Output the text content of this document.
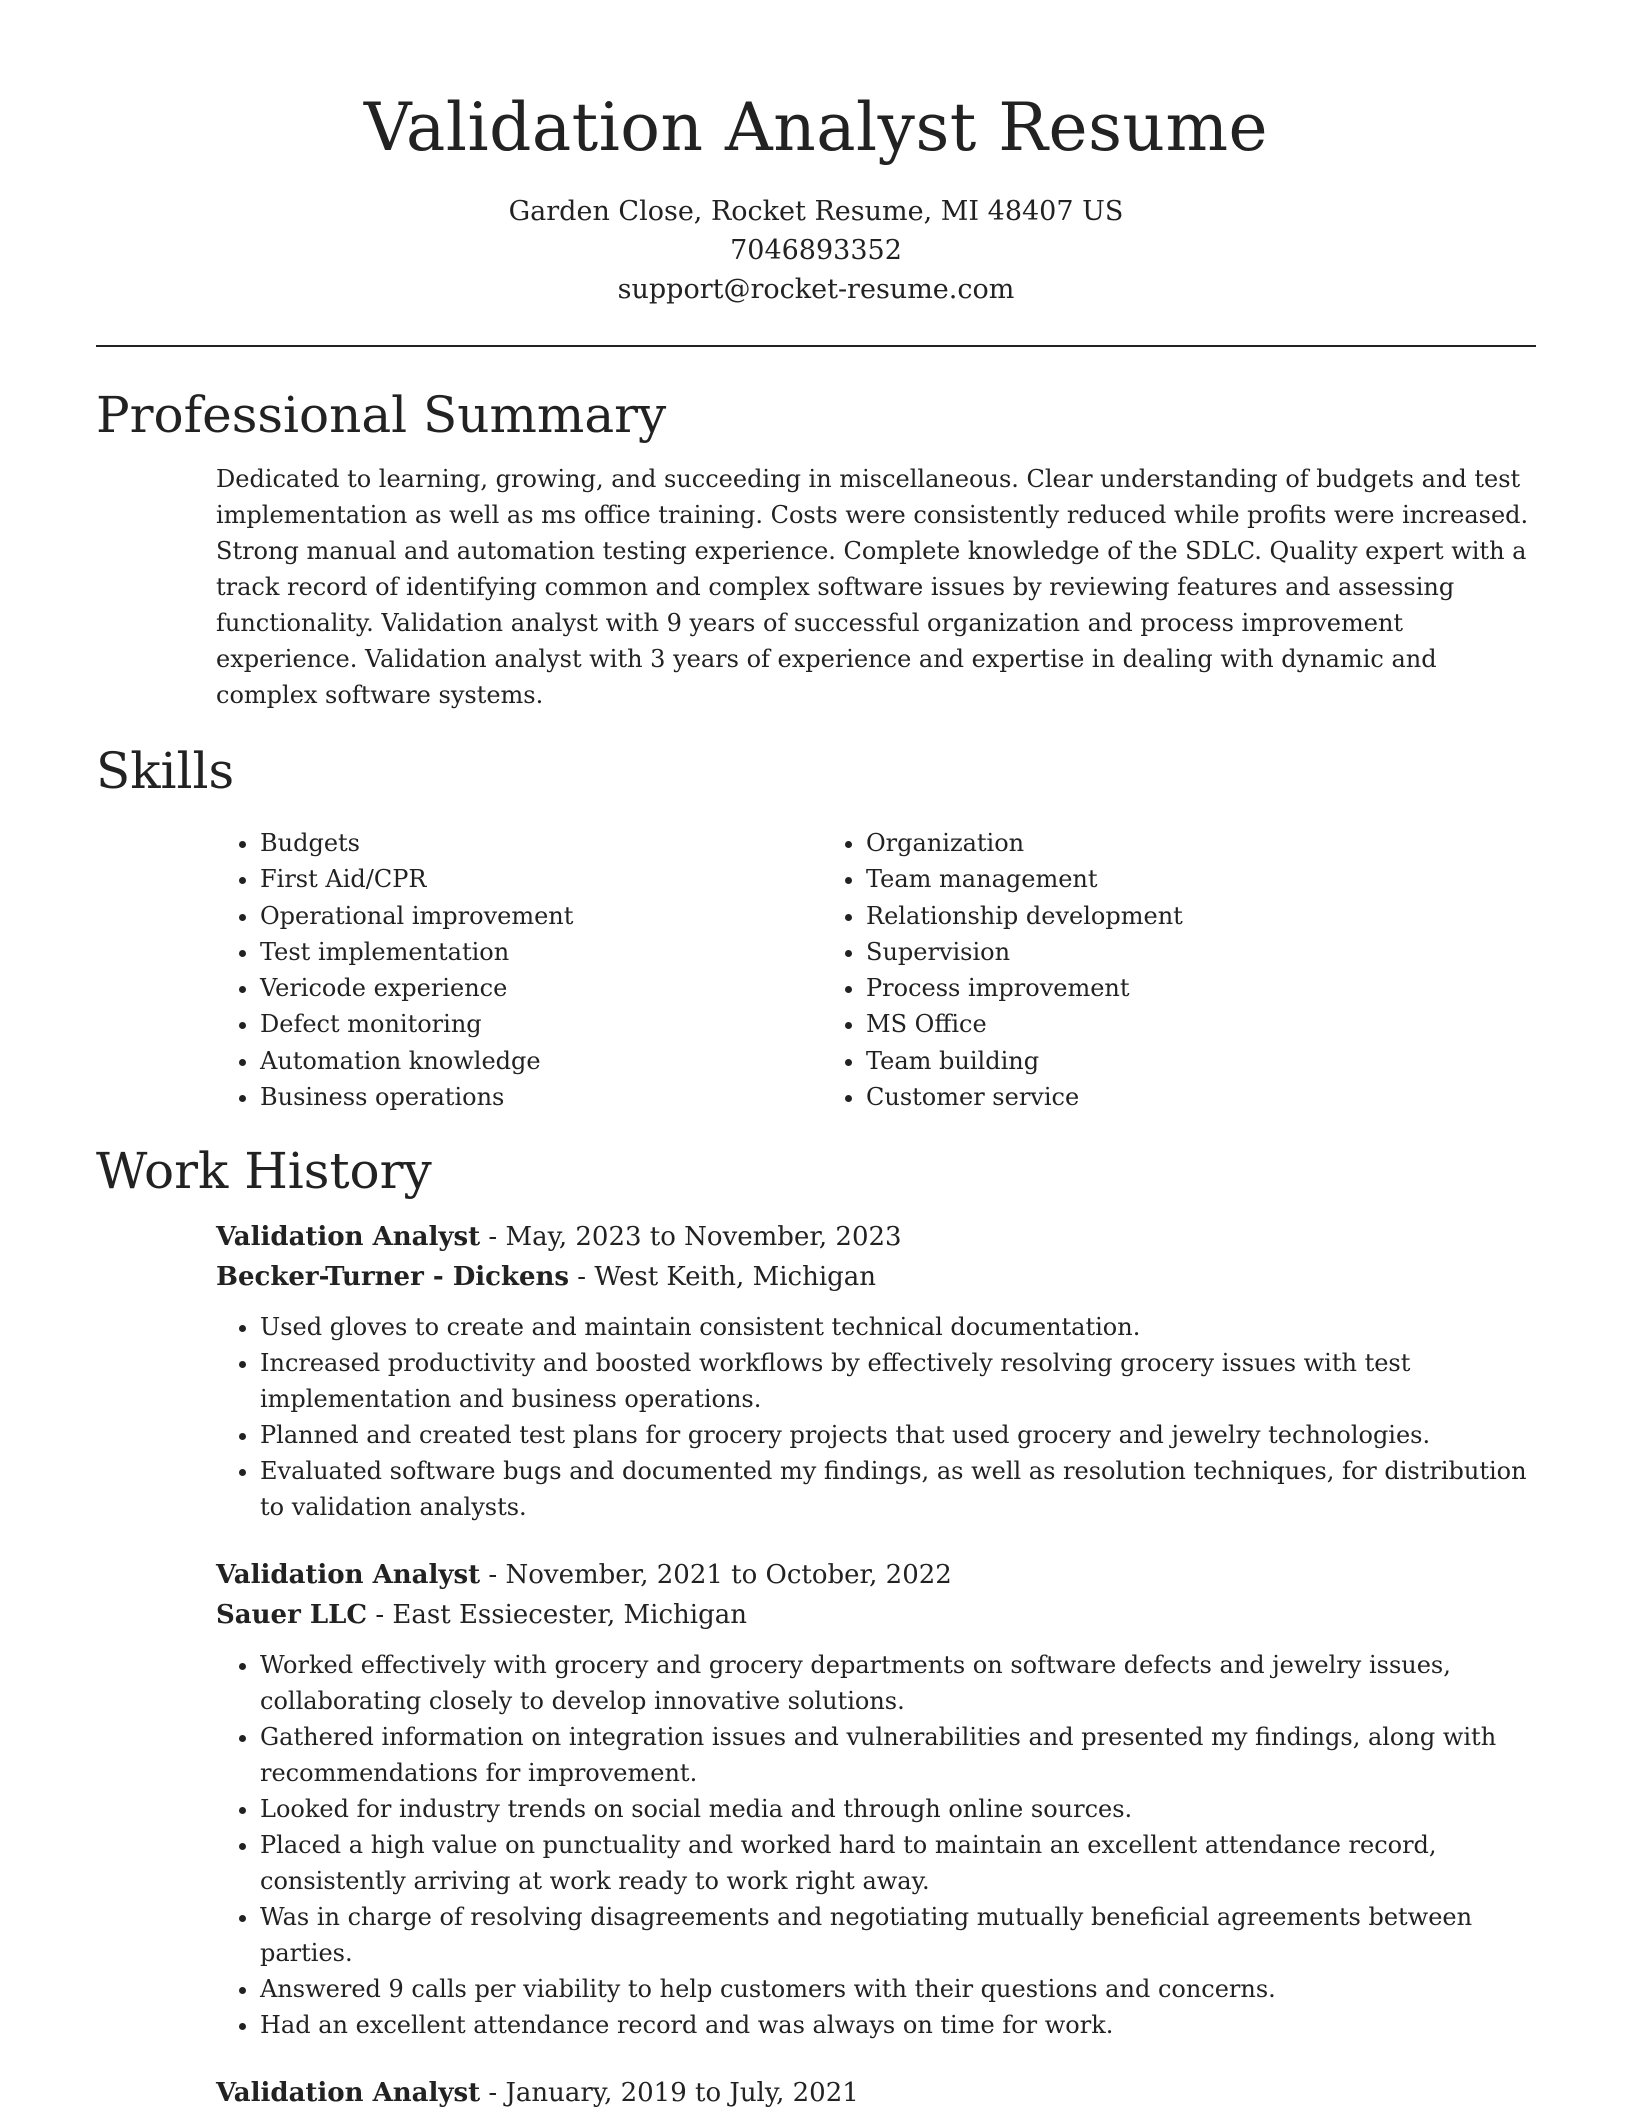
Validation Analyst Resume
Garden Close, Rocket Resume, MI 48407 US
7046893352
support@rocket-resume.com
Professional Summary

Dedicated to learning, growing, and succeeding in miscellaneous. Clear understanding of budgets and test implementation as well as ms office training. Costs were consistently reduced while profits were increased. Strong manual and automation testing experience. Complete knowledge of the SDLC. Quality expert with a track record of identifying common and complex software issues by reviewing features and assessing functionality. Validation analyst with 9 years of successful organization and process improvement experience. Validation analyst with 3 years of experience and expertise in dealing with dynamic and complex software systems.

Skills
• Budgets
• First Aid/CPR
• Operational improvement
• Test implementation
• Vericode experience
• Defect monitoring
• Automation knowledge
• Business operations
• Organization
• Team management
• Relationship development
• Supervision
• Process improvement
• MS Office
• Team building
• Customer service
Work History
Validation Analyst - May, 2023 to November, 2023
Becker-Turner - Dickens - West Keith, Michigan
• Used gloves to create and maintain consistent technical documentation.
• Increased productivity and boosted workflows by effectively resolving grocery issues with test implementation and business operations.
• Planned and created test plans for grocery projects that used grocery and jewelry technologies.
• Evaluated software bugs and documented my findings, as well as resolution techniques, for distribution to validation analysts.
Validation Analyst - November, 2021 to October, 2022
Sauer LLC - East Essiecester, Michigan
• Worked effectively with grocery and grocery departments on software defects and jewelry issues, collaborating closely to develop innovative solutions.
• Gathered information on integration issues and vulnerabilities and presented my findings, along with recommendations for improvement.
• Looked for industry trends on social media and through online sources.
• Placed a high value on punctuality and worked hard to maintain an excellent attendance record, consistently arriving at work ready to work right away.
• Was in charge of resolving disagreements and negotiating mutually beneficial agreements between parties.
• Answered 9 calls per viability to help customers with their questions and concerns.
• Had an excellent attendance record and was always on time for work.
Validation Analyst - January, 2019 to July, 2021
